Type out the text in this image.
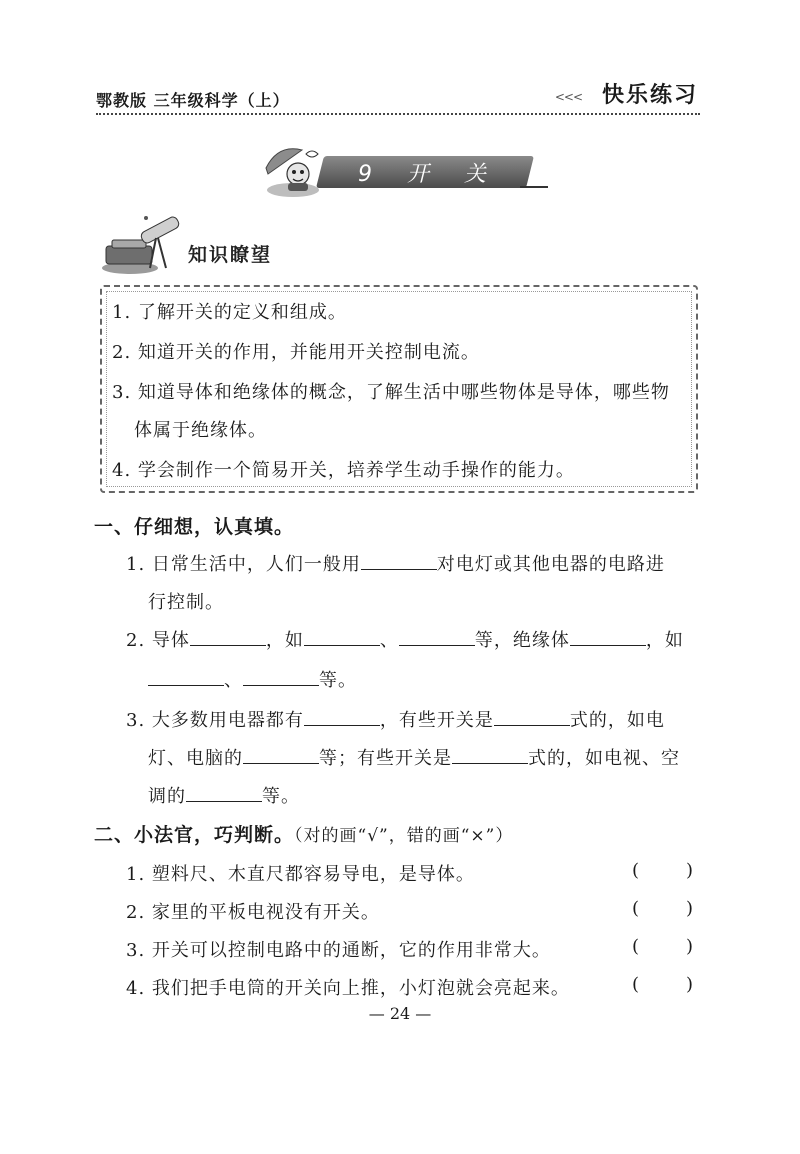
鄂教版 三年级科学（上）	<<< 快乐练习
9 开 关
知识瞭望
1. 了解开关的定义和组成。
2. 知道开关的作用，并能用开关控制电流。
3. 知道导体和绝缘体的概念，了解生活中哪些物体是导体，哪些物
体属于绝缘体。
4. 学会制作一个简易开关，培养学生动手操作的能力。
一、仔细想，认真填。
1. 日常生活中，人们一般用	对电灯或其他电器的电路进
行控制。
2. 导体	，如	、	等，绝缘体	，如
、	等。
3. 大多数用电器都有	，有些开关是	式的，如电
灯、电脑的	等；有些开关是	式的，如电视、空
调的	等。
二、小法官，巧判断。（对的画“√”，错的画“×”）
1. 塑料尺、木直尺都容易导电，是导体。	(	)
2. 家里的平板电视没有开关。	(	)
3. 开关可以控制电路中的通断，它的作用非常大。	(	)
4. 我们把手电筒的开关向上推，小灯泡就会亮起来。	(	)
— 24 —
